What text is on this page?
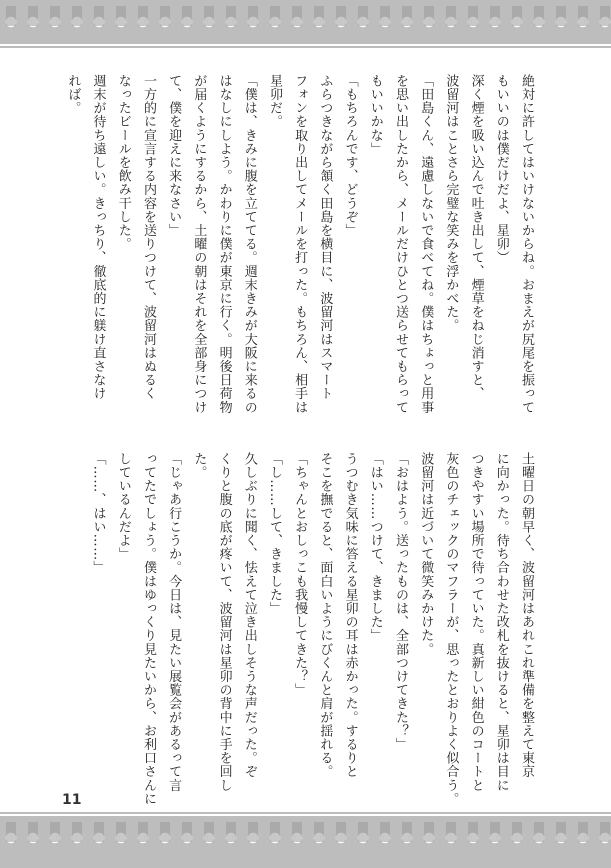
絶対に許してはいけないからね。おまえが尻尾を振って
もいいのは僕だけだよ、星卯）
深く煙を吸い込んで吐き出して、煙草をねじ消すと、
波留河はことさら完璧な笑みを浮かべた。
「田島くん、遠慮しないで食べてね。僕はちょっと用事
を思い出したから、メールだけひとつ送らせてもらって
もいいかな」
「もちろんです、どうぞ」
ふらつきながら頷く田島を横目に、波留河はスマート
フォンを取り出してメールを打った。もちろん、相手は
星卯だ。
「僕は、きみに腹を立ててる。週末きみが大阪に来るの
はなしにしよう。かわりに僕が東京に行く。明後日荷物
が届くようにするから、土曜の朝はそれを全部身につけ
て、僕を迎えに来なさい」
一方的に宣言する内容を送りつけて、波留河はぬるく
なったビールを飲み干した。
週末が待ち遠しい。きっちり、徹底的に躾け直さなけ
れば。
土曜日の朝早く、波留河はあれこれ準備を整えて東京
に向かった。待ち合わせた改札を抜けると、星卯は目に
つきやすい場所で待っていた。真新しい紺色のコートと
灰色のチェックのマフラーが、思ったとおりよく似合う。
波留河は近づいて微笑みかけた。
「おはよう。送ったものは、全部つけてきた？」
「はい……つけて、きました」
うつむき気味に答える星卯の耳は赤かった。するりと
そこを撫でると、面白いようにびくんと肩が揺れる。
「ちゃんとおしっこも我慢してきた？」
「し……して、きました」
久しぶりに聞く、怯えて泣き出しそうな声だった。ぞ
くりと腹の底が疼いて、波留河は星卯の背中に手を回し
た。
「じゃあ行こうか。今日は、見たい展覧会があるって言
ってたでしょう。僕はゆっくり見たいから、お利口さんに
しているんだよ」
「……、はい……」
11
